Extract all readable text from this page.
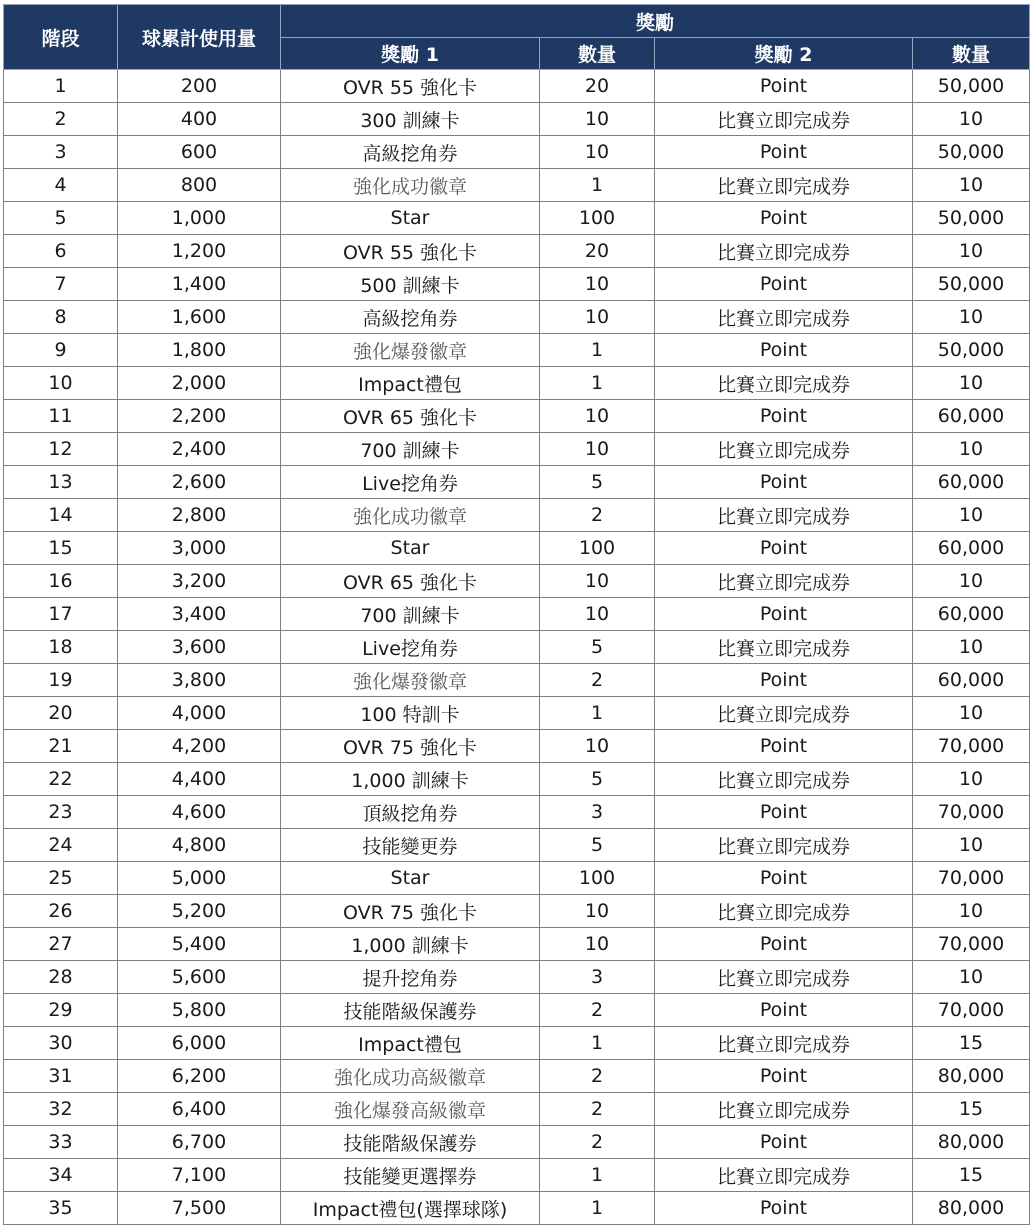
階段	球累計使用量	獎勵			
		獎勵 1	數量	獎勵 2	數量
1	200	OVR 55 強化卡	20	Point	50,000
2	400	300 訓練卡	10	比賽立即完成券	10
3	600	高級挖角券	10	Point	50,000
4	800	強化成功徽章	1	比賽立即完成券	10
5	1,000	Star	100	Point	50,000
6	1,200	OVR 55 強化卡	20	比賽立即完成券	10
7	1,400	500 訓練卡	10	Point	50,000
8	1,600	高級挖角券	10	比賽立即完成券	10
9	1,800	強化爆發徽章	1	Point	50,000
10	2,000	Impact禮包	1	比賽立即完成券	10
11	2,200	OVR 65 強化卡	10	Point	60,000
12	2,400	700 訓練卡	10	比賽立即完成券	10
13	2,600	Live挖角券	5	Point	60,000
14	2,800	強化成功徽章	2	比賽立即完成券	10
15	3,000	Star	100	Point	60,000
16	3,200	OVR 65 強化卡	10	比賽立即完成券	10
17	3,400	700 訓練卡	10	Point	60,000
18	3,600	Live挖角券	5	比賽立即完成券	10
19	3,800	強化爆發徽章	2	Point	60,000
20	4,000	100 特訓卡	1	比賽立即完成券	10
21	4,200	OVR 75 強化卡	10	Point	70,000
22	4,400	1,000 訓練卡	5	比賽立即完成券	10
23	4,600	頂級挖角券	3	Point	70,000
24	4,800	技能變更券	5	比賽立即完成券	10
25	5,000	Star	100	Point	70,000
26	5,200	OVR 75 強化卡	10	比賽立即完成券	10
27	5,400	1,000 訓練卡	10	Point	70,000
28	5,600	提升挖角券	3	比賽立即完成券	10
29	5,800	技能階級保護券	2	Point	70,000
30	6,000	Impact禮包	1	比賽立即完成券	15
31	6,200	強化成功高級徽章	2	Point	80,000
32	6,400	強化爆發高級徽章	2	比賽立即完成券	15
33	6,700	技能階級保護券	2	Point	80,000
34	7,100	技能變更選擇券	1	比賽立即完成券	15
35	7,500	Impact禮包(選擇球隊)	1	Point	80,000
